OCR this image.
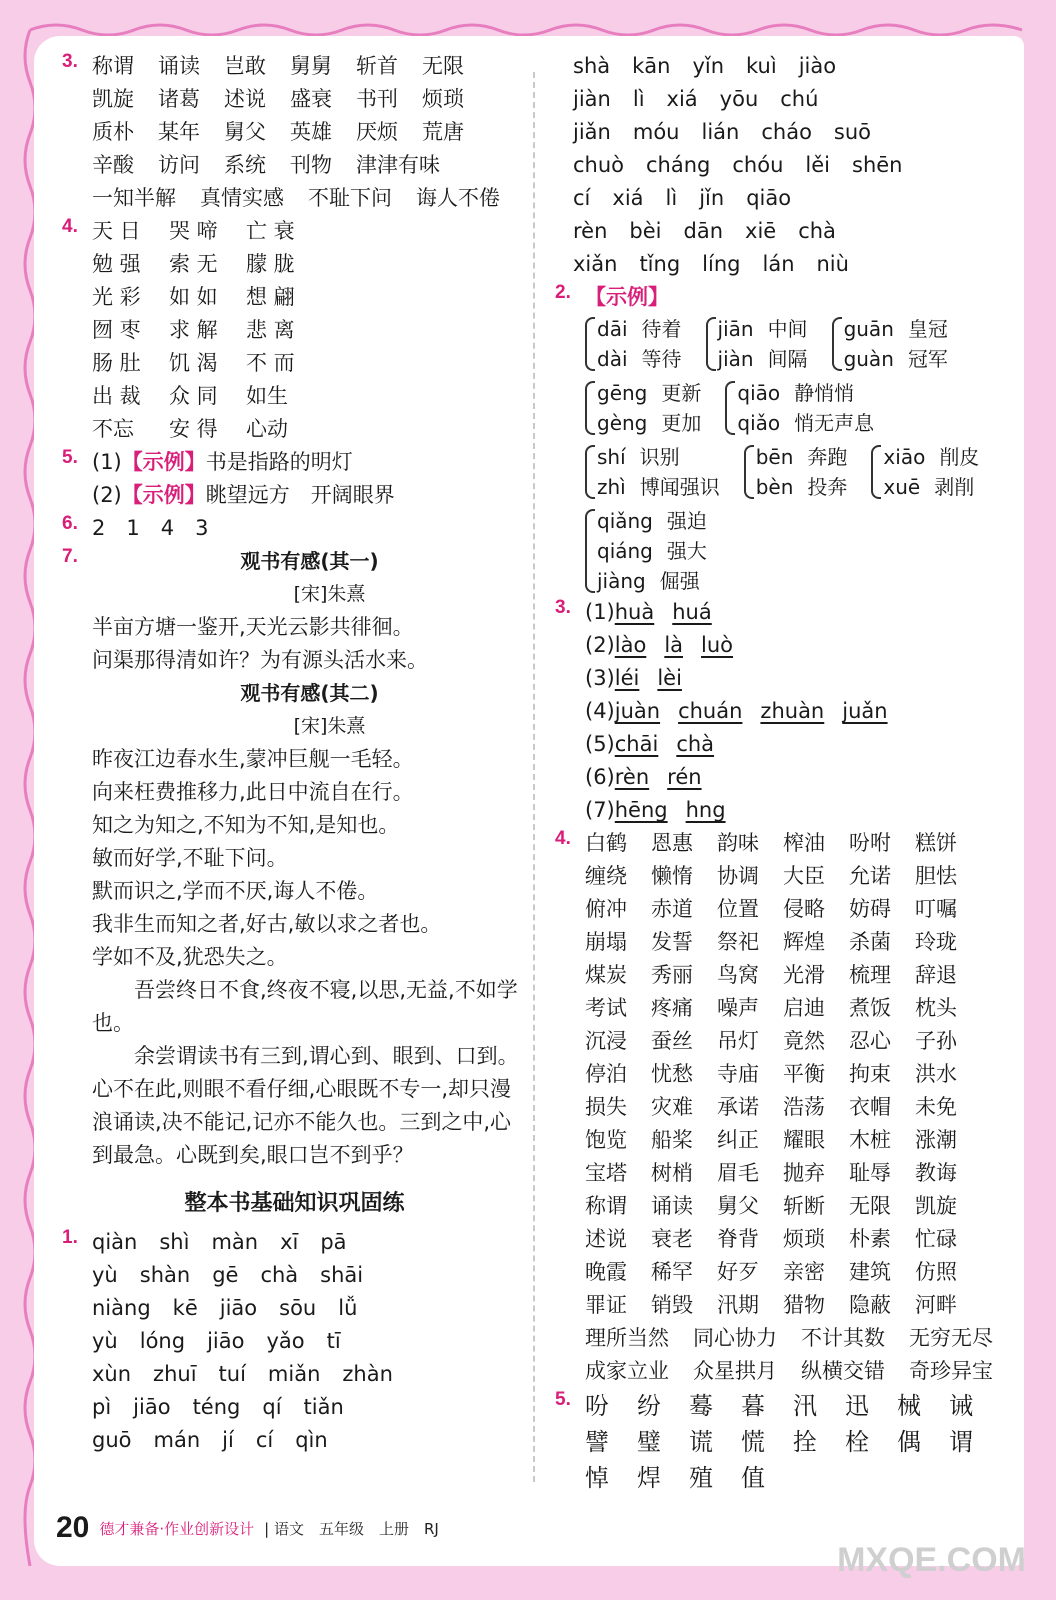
3. 称谓 诵读 岂敢 舅舅 斩首 无限
凯旋 诸葛 述说 盛衰 书刊 烦琐
质朴 某年 舅父 英雄 厌烦 荒唐
辛酸 访问 系统 刊物 津津有味
一知半解 真情实感 不耻下问 诲人不倦
4. 天 日 哭 啼 亡 衰
勉 强 索 无 朦 胧
光 彩 如 如 想 翩
囫 枣 求 解 悲 离
肠 肚 饥 渴 不 而
出 裁 众 同 如生
不忘 安 得 心动
5. (1)【示例】书是指路的明灯
(2)【示例】眺望远方　开阔眼界
6. 2　1　4　3
7.	观书有感(其一)
[宋]朱熹
半亩方塘一鉴开,天光云影共徘徊。
问渠那得清如许？为有源头活水来。
观书有感(其二)
[宋]朱熹
昨夜江边春水生,蒙冲巨舰一毛轻。
向来枉费推移力,此日中流自在行。
知之为知之,不知为不知,是知也。
敏而好学,不耻下问。
默而识之,学而不厌,诲人不倦。
我非生而知之者,好古,敏以求之者也。
学如不及,犹恐失之。
吾尝终日不食,终夜不寝,以思,无益,不如学也。
余尝谓读书有三到,谓心到、眼到、口到。心不在此,则眼不看仔细,心眼既不专一,却只漫浪诵读,决不能记,记亦不能久也。三到之中,心到最急。心既到矣,眼口岂不到乎？
整本书基础知识巩固练
1. qiàn shì màn xī pā
yù shàn gē chà shāi
niàng kē jiāo sōu lǚ
yù lóng jiāo yǎo tī
xùn zhuī tuí miǎn zhàn
pì jiāo téng qí tiǎn
guō mán jí cí qìn
shà kān yǐn kuì jiào
jiàn lì xiá yōu chú
jiǎn móu lián cháo suō
chuò cháng chóu lěi shēn
cí xiá lì jǐn qiāo
rèn bèi dān xiē chà
xiǎn tǐng líng lán niù
2. 【示例】
dāi 待着
dài 等待
jiān 中间
jiàn 间隔
guān 皇冠
guàn 冠军
gēng 更新
gèng 更加
qiāo 静悄悄
qiǎo 悄无声息
shí 识别
zhì 博闻强识
bēn 奔跑
bèn 投奔
xiāo 削皮
xuē 剥削
qiǎng 强迫
qiáng 强大
jiàng 倔强
3. (1)huà huá
(2)lào là luò
(3)léi lèi
(4)juàn chuán zhuàn juǎn
(5)chāi chà
(6)rèn rén
(7)hēng hng
4. 白鹤 恩惠 韵味 榨油 吩咐 糕饼
缠绕 懒惰 协调 大臣 允诺 胆怯
俯冲 赤道 位置 侵略 妨碍 叮嘱
崩塌 发誓 祭祀 辉煌 杀菌 玲珑
煤炭 秀丽 鸟窝 光滑 梳理 辞退
考试 疼痛 噪声 启迪 煮饭 枕头
沉浸 蚕丝 吊灯 竟然 忍心 子孙
停泊 忧愁 寺庙 平衡 拘束 洪水
损失 灾难 承诺 浩荡 衣帽 未免
饱览 船桨 纠正 耀眼 木桩 涨潮
宝塔 树梢 眉毛 抛弃 耻辱 教诲
称谓 诵读 舅父 斩断 无限 凯旋
述说 衰老 脊背 烦琐 朴素 忙碌
晚霞 稀罕 好歹 亲密 建筑 仿照
罪证 销毁 汛期 猎物 隐蔽 河畔
理所当然 同心协力 不计其数 无穷无尽
成家立业 众星拱月 纵横交错 奇珍异宝
5. 吩 纷 蓦 暮 汛 迅 械 诫
譬 璧 谎 慌 拴 栓 偶 谓
悼 焊 殖 值
20 德才兼备·作业创新设计 | 语文　五年级　上册　RJ
MXQE.COM
